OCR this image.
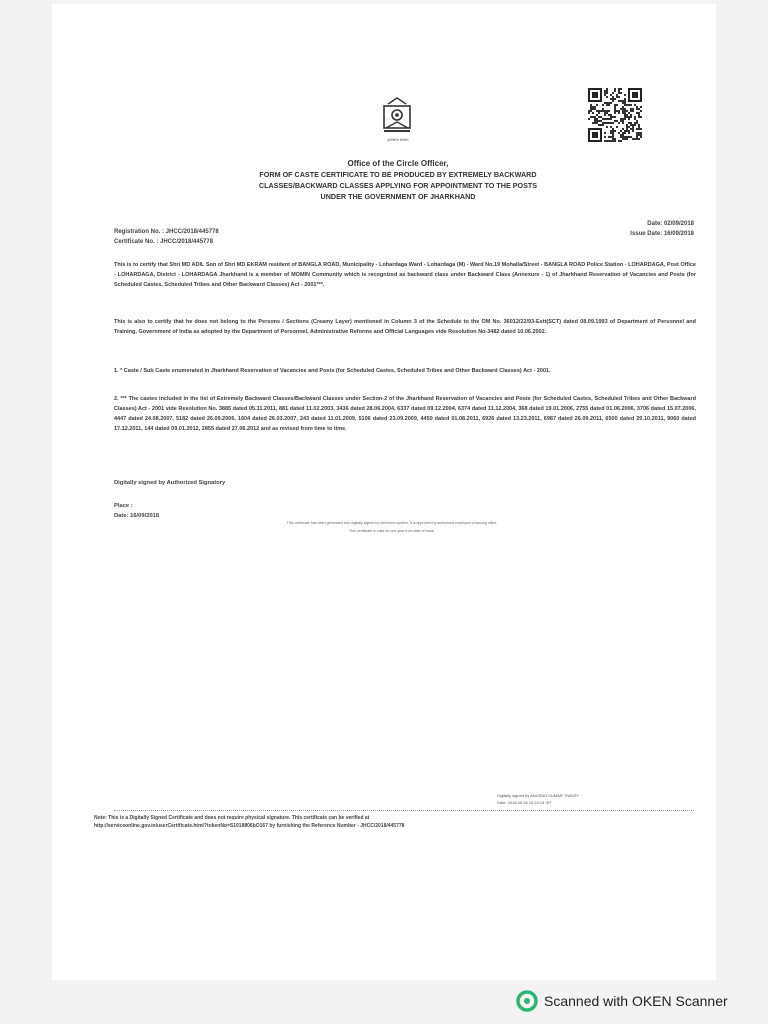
झारखण्ड सरकार
Office of the Circle Officer,
FORM OF CASTE CERTIFICATE TO BE PRODUCED BY EXTREMELY BACKWARD
CLASSES/BACKWARD CLASSES APPLYING FOR APPOINTMENT TO THE POSTS
UNDER THE GOVERNMENT OF JHARKHAND
Registration No. : JHCC/2018/445778
Certificate No. : JHCC/2018/445778
Date: 02/09/2018
Issue Date: 16/09/2018
This is to certify that Shri MD ADIL Son of Shri MD EKRAM resident of BANGLA ROAD, Municipality - Lohardaga Ward - Lohardaga (M) - Ward No.19 Mohalla/Street - BANGLA ROAD Police Station - LOHARDAGA, Post Office - LOHARDAGA, District - LOHARDAGA Jharkhand is a member of MOMIN Community which is recognized as backward class under Backward Class (Annexure - 1) of Jharkhand Reservation of Vacancies and Posts (for Scheduled Castes, Scheduled Tribes and Other Backward Classes) Act - 2001***.
This is also to certify that he does not belong to the Persons / Sections (Creamy Layer) mentioned in Column 3 of the Schedule to the OM No. 36012/22/93-Estt(SCT) dated 08.09.1993 of Department of Personnel and Training, Government of India as adopted by the Department of Personnel, Administrative Reforms and Official Languages vide Resolution No-3482 dated 10.06.2002.
1. * Caste / Sub Caste enumerated in Jharkhand Reservation of Vacancies and Posts (for Scheduled Castes, Scheduled Tribes and Other Backward Classes) Act - 2001.
2. *** The castes included in the list of Extremely Backward Classes/Backward Classes under Section-2 of the Jharkhand Reservation of Vacancies and Posts (for Scheduled Castes, Scheduled Tribes and Other Backward Classes) Act - 2001 vide Resolution No. 3885 dated 05.11.2011, 881 dated 11.02.2003, 3436 dated 28.06.2004, 6337 dated 09.12.2004, 6374 dated 11.12.2004, 368 dated 19.01.2006, 2755 dated 01.06.2006, 3706 dated 15.07.2006, 4447 dated 24.08.2007, 5182 dated 26.09.2006, 1604 dated 26.03.2007, 243 dated 11.01.2009, 5106 dated 23.09.2009, 4450 dated 01.08.2011, 6926 dated 13.23.2011, 6987 dated 26.09.2011, 6500 dated 20.10.2011, 9060 dated 17.12.2011, 144 dated 09.01.2012, 2855 dated 27.06.2012 and as revised from time to time.
Digitally signed by Authorized Signatory
Place :
Date: 16/09/2018
This certificate has been generated and digitally signed by electronic system. It is approved by authorized employee of issuing office.
This certificate is valid for one year from date of issue.
Digitally signed by ANURAG KUMAR TIWARY
Date: 2018.09.16 10:24:14 IST
Note: This is a Digitally Signed Certificate and does not require physical signature. This certificate can be verified at
http://serviceonline.gov.in/userCertificate.html?tokenNo=S1018806bO167 by furnishing the Reference Number - JHCC/2018/445778
Scanned with OKEN Scanner
